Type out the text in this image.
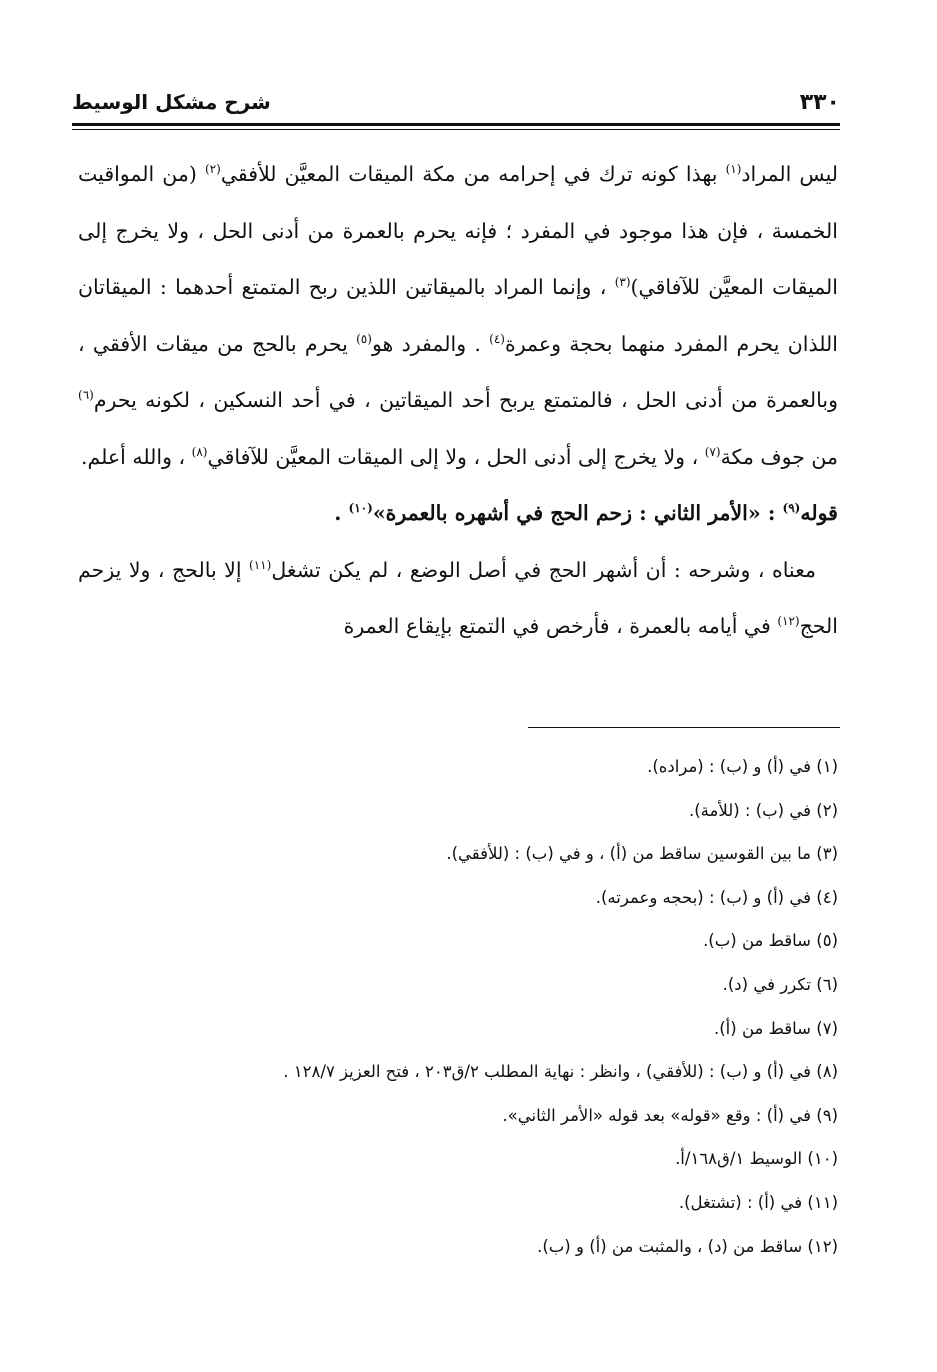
٣٣٠
شرح مشكل الوسيط

ليس المراد$^{(١)}$ بهذا كونه ترك في إحرامه من مكة الميقات المعيَّن للأفقي$^{(٢)}$ (من المواقيت الخمسة ، فإن هذا موجود في المفرد ؛ فإنه يحرم بالعمرة من أدنى الحل ، ولا يخرج إلى الميقات المعيَّن للآفاقي)$^{(٣)}$ ، وإنما المراد بالميقاتين اللذين ربح المتمتع أحدهما : الميقاتان اللذان يحرم المفرد منهما بحجة وعمرة$^{(٤)}$ . والمفرد هو$^{(٥)}$ يحرم بالحج من ميقات الأفقي ، وبالعمرة من أدنى الحل ، فالمتمتع يربح أحد الميقاتين ، في أحد النسكين ، لكونه يحرم$^{(٦)}$ من جوف مكة$^{(٧)}$ ، ولا يخرج إلى أدنى الحل ، ولا إلى الميقات المعيَّن للآفاقي$^{(٨)}$ ، والله أعلم.

قوله$^{(٩)}$ : «الأمر الثاني : زحم الحج في أشهره بالعمرة»$^{(١٠)}$ .

معناه ، وشرحه : أن أشهر الحج في أصل الوضع ، لم يكن تشغل$^{(١١)}$ إلا بالحج ، ولا يزحم الحج$^{(١٢)}$ في أيامه بالعمرة ، فأرخص في التمتع بإيقاع العمرة

(١) في (أ) و (ب) : (مراده).
(٢) في (ب) : (للأمة).
(٣) ما بين القوسين ساقط من (أ) ، و في (ب) : (للأفقي).
(٤) في (أ) و (ب) : (بحجه وعمرته).
(٥) ساقط من (ب).
(٦) تكرر في (د).
(٧) ساقط من (أ).
(٨) في (أ) و (ب) : (للأفقي) ، وانظر : نهاية المطلب ٢/ق٢٠٣ ، فتح العزيز ١٢٨/٧ .
(٩) في (أ) : وقع «قوله» بعد قوله «الأمر الثاني».
(١٠) الوسيط ١/ق١٦٨/أ.
(١١) في (أ) : (تشتغل).
(١٢) ساقط من (د) ، والمثبت من (أ) و (ب).
